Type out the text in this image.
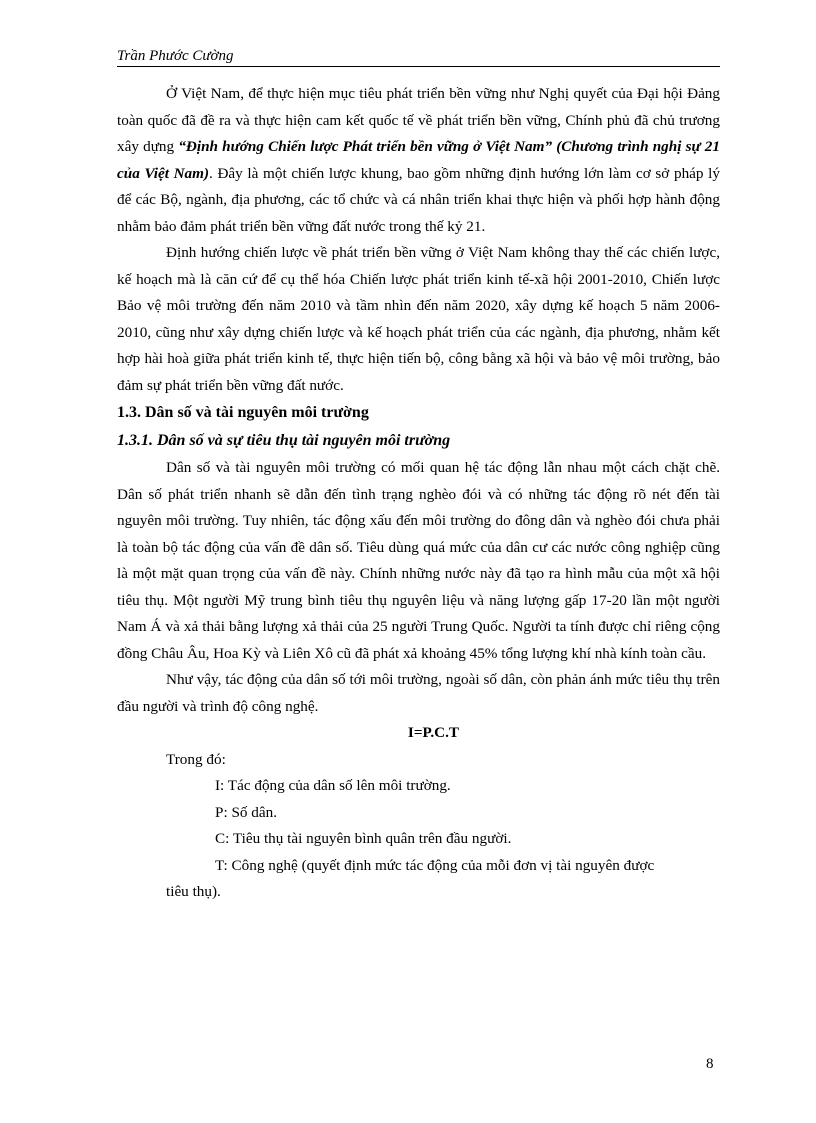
Trần Phước Cường

Ở Việt Nam, để thực hiện mục tiêu phát triển bền vững như Nghị quyết của Đại hội Đảng toàn quốc đã đề ra và thực hiện cam kết quốc tế về phát triển bền vững, Chính phủ đã chủ trương xây dựng “Định hướng Chiến lược Phát triển bền vững ở Việt Nam” (Chương trình nghị sự 21 của Việt Nam). Đây là một chiến lược khung, bao gồm những định hướng lớn làm cơ sở pháp lý để các Bộ, ngành, địa phương, các tổ chức và cá nhân triển khai thực hiện và phối hợp hành động nhằm bảo đảm phát triển bền vững đất nước trong thế kỷ 21.

Định hướng chiến lược về phát triển bền vững ở Việt Nam không thay thế các chiến lược, kế hoạch mà là căn cứ để cụ thể hóa Chiến lược phát triển kinh tế-xã hội 2001-2010, Chiến lược Bảo vệ môi trường đến năm 2010 và tầm nhìn đến năm 2020, xây dựng kế hoạch 5 năm 2006-2010, cũng như xây dựng chiến lược và kế hoạch phát triển của các ngành, địa phương, nhằm kết hợp hài hoà giữa phát triển kinh tế, thực hiện tiến bộ, công bằng xã hội và bảo vệ môi trường, bảo đảm sự phát triển bền vững đất nước.

1.3. Dân số và tài nguyên môi trường

1.3.1. Dân số và sự tiêu thụ tài nguyên môi trường

Dân số và tài nguyên môi trường có mối quan hệ tác động lẫn nhau một cách chặt chẽ. Dân số phát triển nhanh sẽ dẫn đến tình trạng nghèo đói và có những tác động rõ nét đến tài nguyên môi trường. Tuy nhiên, tác động xấu đến môi trường do đông dân và nghèo đói chưa phải là toàn bộ tác động của vấn đề dân số. Tiêu dùng quá mức của dân cư các nước công nghiệp cũng là một mặt quan trọng của vấn đề này. Chính những nước này đã tạo ra hình mẫu của một xã hội tiêu thụ. Một người Mỹ trung bình tiêu thụ nguyên liệu và năng lượng gấp 17-20 lần một người Nam Á và xả thải bằng lượng xả thải của 25 người Trung Quốc. Người ta tính được chỉ riêng cộng đồng Châu Âu, Hoa Kỳ và Liên Xô cũ đã phát xả khoảng 45% tổng lượng khí nhà kính toàn cầu.

Như vậy, tác động của dân số tới môi trường, ngoài số dân, còn phản ánh mức tiêu thụ trên đầu người và trình độ công nghệ.

I=P.C.T

Trong đó:

I: Tác động của dân số lên môi trường.

P: Số dân.

C: Tiêu thụ tài nguyên bình quân trên đầu người.

T: Công nghệ (quyết định mức tác động của mỗi đơn vị tài nguyên được
tiêu thụ).

8
